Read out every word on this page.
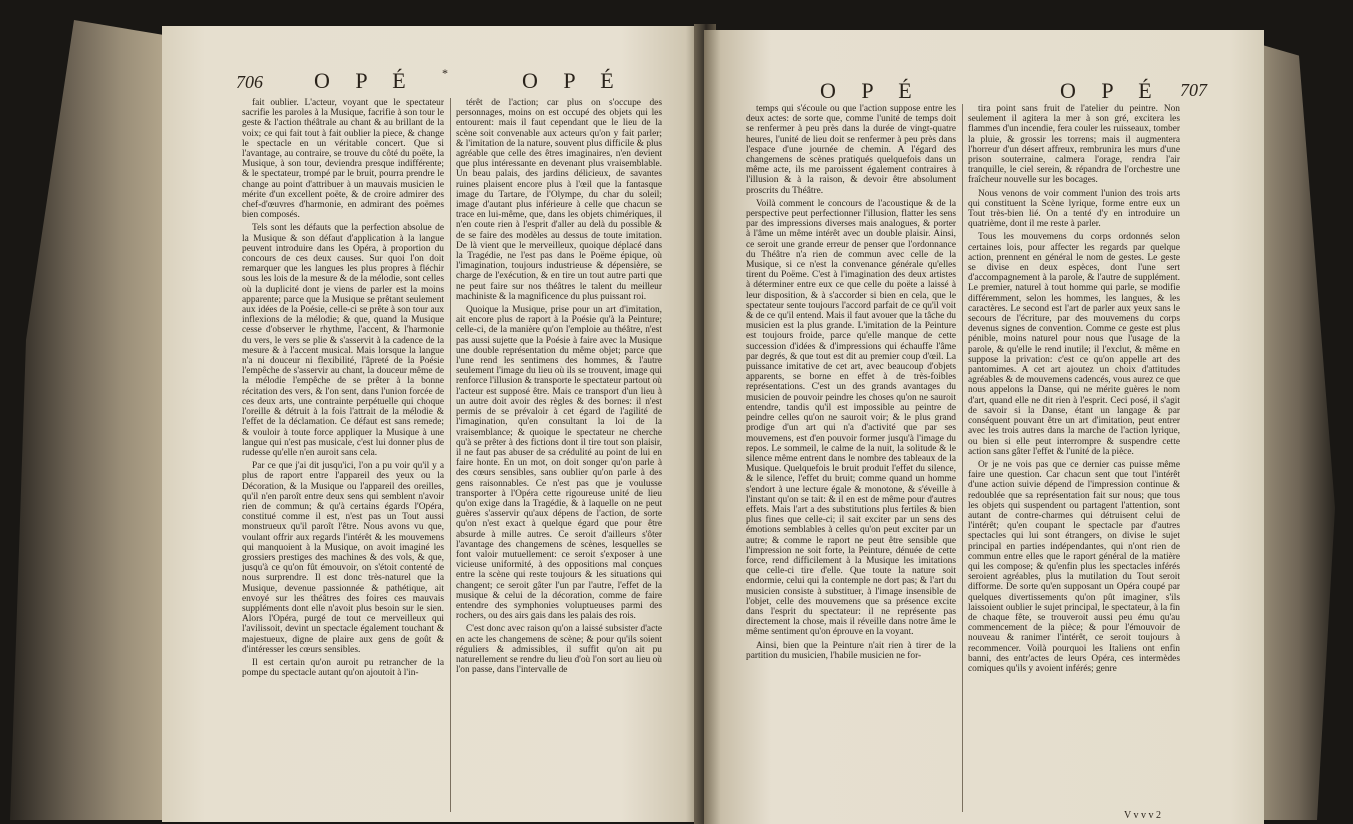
706 O P É *	O P É

fait oublier. L'acteur, voyant que le spectateur sacrifie les paroles à la Musique, facrifie à son tour le geste & l'action théâtrale au chant & au brillant de la voix; ce qui fait tout à fait oublier la piece, & change le spectacle en un véritable concert. Que si l'avantage, au contraire, se trouve du côté du poëte, la Musique, à son tour, deviendra presque indifférente; & le spectateur, trompé par le bruit, pourra prendre le change au point d'attribuer à un mauvais musicien le mérite d'un excellent poëte, & de croire admirer des chef-d'œuvres d'harmonie, en admirant des poëmes bien composés.

Tels sont les défauts que la perfection absolue de la Musique & son défaut d'application à la langue peuvent introduire dans les Opéra, à proportion du concours de ces deux causes. Sur quoi l'on doit remarquer que les langues les plus propres à fléchir sous les lois de la mesure & de la mélodie, sont celles où la duplicité dont je viens de parler est la moins apparente; parce que la Musique se prêtant seulement aux idées de la Poésie, celle-ci se prête à son tour aux inflexions de la mélodie; & que, quand la Musique cesse d'observer le rhythme, l'accent, & l'harmonie du vers, le vers se plie & s'asservit à la cadence de la mesure & à l'accent musical. Mais lorsque la langue n'a ni douceur ni flexibilité, l'âpreté de la Poésie l'empêche de s'asservir au chant, la douceur même de la mélodie l'empêche de se prêter à la bonne récitation des vers, & l'on sent, dans l'union forcée de ces deux arts, une contrainte perpétuelle qui choque l'oreille & détruit à la fois l'attrait de la mélodie & l'effet de la déclamation. Ce défaut est sans remede; & vouloir à toute force appliquer la Musique à une langue qui n'est pas musicale, c'est lui donner plus de rudesse qu'elle n'en auroit sans cela.

Par ce que j'ai dit jusqu'ici, l'on a pu voir qu'il y a plus de raport entre l'appareil des yeux ou la Décoration, & la Musique ou l'appareil des oreilles, qu'il n'en paroît entre deux sens qui semblent n'avoir rien de commun; & qu'à certains égards l'Opéra, constitué comme il est, n'est pas un Tout aussi monstrueux qu'il paroît l'être. Nous avons vu que, voulant offrir aux regards l'intérêt & les mouvemens qui manquoient à la Musique, on avoit imaginé les grossiers prestiges des machines & des vols, & que, jusqu'à ce qu'on fût émouvoir, on s'étoit contenté de nous surprendre. Il est donc très-naturel que la Musique, devenue passionnée & pathétique, ait envoyé sur les théâtres des foires ces mauvais suppléments dont elle n'avoit plus besoin sur le sien. Alors l'Opéra, purgé de tout ce merveilleux qui l'avilissoit, devint un spectacle également touchant & majestueux, digne de plaire aux gens de goût & d'intéresser les cœurs sensibles.

Il est certain qu'on auroit pu retrancher de la pompe du spectacle autant qu'on ajoutoit à l'in-

térêt de l'action; car plus on s'occupe des personnages, moins on est occupé des objets qui les entourent: mais il faut cependant que le lieu de la scène soit convenable aux acteurs qu'on y fait parler; & l'imitation de la nature, souvent plus difficile & plus agréable que celle des êtres imaginaires, n'en devient que plus intéressante en devenant plus vraisemblable. Un beau palais, des jardins délicieux, de savantes ruines plaisent encore plus à l'œil que la fantasque image du Tartare, de l'Olympe, du char du soleil; image d'autant plus inférieure à celle que chacun se trace en lui-même, que, dans les objets chimériques, il n'en coute rien à l'esprit d'aller au delà du possible & de se faire des modèles au dessus de toute imitation. De là vient que le merveilleux, quoique déplacé dans la Tragédie, ne l'est pas dans le Poëme épique, où l'imagination, toujours industrieuse & dépensière, se charge de l'exécution, & en tire un tout autre parti que ne peut faire sur nos théâtres le talent du meilleur machiniste & la magnificence du plus puissant roi.

Quoique la Musique, prise pour un art d'imitation, ait encore plus de raport à la Poésie qu'à la Peinture; celle-ci, de la manière qu'on l'emploie au théâtre, n'est pas aussi sujette que la Poésie à faire avec la Musique une double représentation du même objet; parce que l'une rend les sentimens des hommes, & l'autre seulement l'image du lieu où ils se trouvent, image qui renforce l'illusion & transporte le spectateur partout où l'acteur est supposé être. Mais ce transport d'un lieu à un autre doit avoir des règles & des bornes: il n'est permis de se prévaloir à cet égard de l'agilité de l'imagination, qu'en consultant la loi de la vraisemblance; & quoique le spectateur ne cherche qu'à se prêter à des fictions dont il tire tout son plaisir, il ne faut pas abuser de sa crédulité au point de lui en faire honte. En un mot, on doit songer qu'on parle à des cœurs sensibles, sans oublier qu'on parle à des gens raisonnables. Ce n'est pas que je voulusse transporter à l'Opéra cette rigoureuse unité de lieu qu'on exige dans la Tragédie, & à laquelle on ne peut guères s'asservir qu'aux dépens de l'action, de sorte qu'on n'est exact à quelque égard que pour être absurde à mille autres. Ce seroit d'ailleurs s'ôter l'avantage des changemens de scènes, lesquelles se font valoir mutuellement: ce seroit s'exposer à une vicieuse uniformité, à des oppositions mal conçues entre la scène qui reste toujours & les situations qui changent; ce seroit gâter l'un par l'autre, l'effet de la musique & celui de la décoration, comme de faire entendre des symphonies voluptueuses parmi des rochers, ou des airs gais dans les palais des rois.

C'est donc avec raison qu'on a laissé subsister d'acte en acte les changemens de scène; & pour qu'ils soient réguliers & admissibles, il suffit qu'on ait pu naturellement se rendre du lieu d'où l'on sort au lieu où l'on passe, dans l'intervalle de

O P É	O P É 707

temps qui s'écoule ou que l'action suppose entre les deux actes: de sorte que, comme l'unité de temps doit se renfermer à peu près dans la durée de vingt-quatre heures, l'unité de lieu doit se renfermer à peu près dans l'espace d'une journée de chemin. A l'égard des changemens de scènes pratiqués quelquefois dans un même acte, ils me paroissent également contraires à l'illusion & à la raison, & devoir être absolument proscrits du Théâtre.

Voilà comment le concours de l'acoustique & de la perspective peut perfectionner l'illusion, flatter les sens par des impressions diverses mais analogues, & porter à l'âme un même intérêt avec un double plaisir. Ainsi, ce seroit une grande erreur de penser que l'ordonnance du Théâtre n'a rien de commun avec celle de la Musique, si ce n'est la convenance générale qu'elles tirent du Poëme. C'est à l'imagination des deux artistes à déterminer entre eux ce que celle du poëte a laissé à leur disposition, & à s'accorder si bien en cela, que le spectateur sente toujours l'accord parfait de ce qu'il voit & de ce qu'il entend. Mais il faut avouer que la tâche du musicien est la plus grande. L'imitation de la Peinture est toujours froide, parce qu'elle manque de cette succession d'idées & d'impressions qui échauffe l'âme par degrés, & que tout est dit au premier coup d'œil. La puissance imitative de cet art, avec beaucoup d'objets apparents, se borne en effet à de très-foibles représentations. C'est un des grands avantages du musicien de pouvoir peindre les choses qu'on ne sauroit entendre, tandis qu'il est impossible au peintre de peindre celles qu'on ne sauroit voir; & le plus grand prodige d'un art qui n'a d'activité que par ses mouvemens, est d'en pouvoir former jusqu'à l'image du repos. Le sommeil, le calme de la nuit, la solitude & le silence même entrent dans le nombre des tableaux de la Musique. Quelquefois le bruit produit l'effet du silence, & le silence, l'effet du bruit; comme quand un homme s'endort à une lecture égale & monotone, & s'éveille à l'instant qu'on se tait: & il en est de même pour d'autres effets. Mais l'art a des substitutions plus fertiles & bien plus fines que celle-ci; il sait exciter par un sens des émotions semblables à celles qu'on peut exciter par un autre; & comme le raport ne peut être sensible que l'impression ne soit forte, la Peinture, dénuée de cette force, rend difficilement à la Musique les imitations que celle-ci tire d'elle. Que toute la nature soit endormie, celui qui la contemple ne dort pas; & l'art du musicien consiste à substituer, à l'image insensible de l'objet, celle des mouvemens que sa présence excite dans l'esprit du spectateur: il ne représente pas directement la chose, mais il réveille dans notre âme le même sentiment qu'on éprouve en la voyant.

Ainsi, bien que la Peinture n'ait rien à tirer de la partition du musicien, l'habile musicien ne for-

tira point sans fruit de l'atelier du peintre. Non seulement il agitera la mer à son gré, excitera les flammes d'un incendie, fera couler les ruisseaux, tomber la pluie, & grossir les torrens; mais il augmentera l'horreur d'un désert affreux, rembrunira les murs d'une prison souterraine, calmera l'orage, rendra l'air tranquille, le ciel serein, & répandra de l'orchestre une fraîcheur nouvelle sur les bocages.

Nous venons de voir comment l'union des trois arts qui constituent la Scène lyrique, forme entre eux un Tout très-bien lié. On a tenté d'y en introduire un quatrième, dont il me reste à parler.

Tous les mouvemens du corps ordonnés selon certaines lois, pour affecter les regards par quelque action, prennent en général le nom de gestes. Le geste se divise en deux espèces, dont l'une sert d'accompagnement à la parole, & l'autre de supplément. Le premier, naturel à tout homme qui parle, se modifie différemment, selon les hommes, les langues, & les caractères. Le second est l'art de parler aux yeux sans le secours de l'écriture, par des mouvemens du corps devenus signes de convention. Comme ce geste est plus pénible, moins naturel pour nous que l'usage de la parole, & qu'elle le rend inutile; il l'exclut, & même en suppose la privation: c'est ce qu'on appelle art des pantomimes. A cet art ajoutez un choix d'attitudes agréables & de mouvemens cadencés, vous aurez ce que nous appelons la Danse, qui ne mérite guères le nom d'art, quand elle ne dit rien à l'esprit. Ceci posé, il s'agit de savoir si la Danse, étant un langage & par conséquent pouvant être un art d'imitation, peut entrer avec les trois autres dans la marche de l'action lyrique, ou bien si elle peut interrompre & suspendre cette action sans gâter l'effet & l'unité de la pièce.

Or je ne vois pas que ce dernier cas puisse même faire une question. Car chacun sent que tout l'intérêt d'une action suivie dépend de l'impression continue & redoublée que sa représentation fait sur nous; que tous les objets qui suspendent ou partagent l'attention, sont autant de contre-charmes qui détruisent celui de l'intérêt; qu'en coupant le spectacle par d'autres spectacles qui lui sont étrangers, on divise le sujet principal en parties indépendantes, qui n'ont rien de commun entre elles que le raport général de la matière qui les compose; & qu'enfin plus les spectacles inférés seroient agréables, plus la mutilation du Tout seroit difforme. De sorte qu'en supposant un Opéra coupé par quelques divertissements qu'on pût imaginer, s'ils laissoient oublier le sujet principal, le spectateur, à la fin de chaque fête, se trouveroit aussi peu ému qu'au commencement de la pièce; & pour l'émouvoir de nouveau & ranimer l'intérêt, ce seroit toujours à recommencer. Voilà pourquoi les Italiens ont enfin banni, des entr'actes de leurs Opéra, ces intermèdes comiques qu'ils y avoient inférés; genre

V v v v 2
